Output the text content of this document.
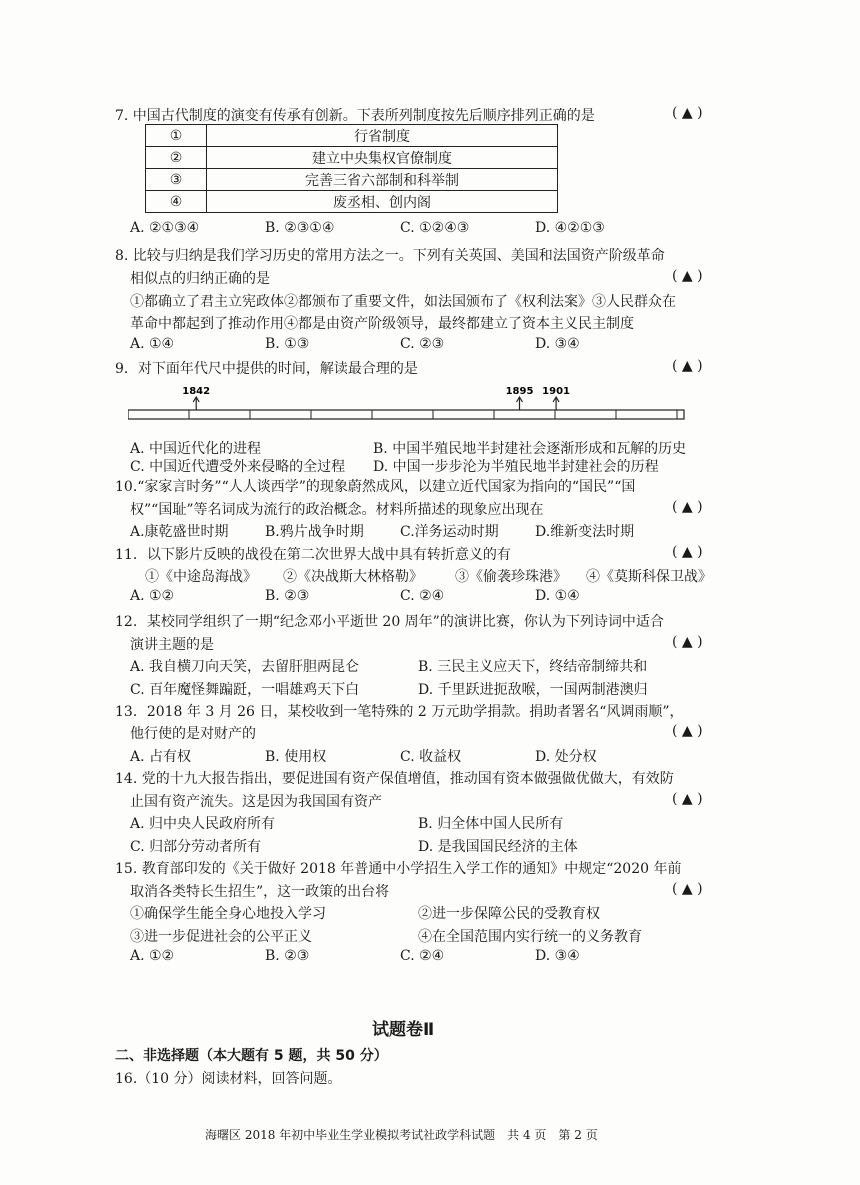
7. 中国古代制度的演变有传承有创新。下表所列制度按先后顺序排列正确的是	( ▲ )
①	行省制度
②	建立中央集权官僚制度
③	完善三省六部制和科举制
④	废丞相、创内阁
A. ②①③④	B. ②③①④	C. ①②④③	D. ④②①③
8. 比较与归纳是我们学习历史的常用方法之一。下列有关英国、美国和法国资产阶级革命
相似点的归纳正确的是	( ▲ )
①都确立了君主立宪政体②都颁布了重要文件，如法国颁布了《权利法案》③人民群众在
革命中都起到了推动作用④都是由资产阶级领导，最终都建立了资本主义民主制度
A. ①④	B. ①③	C. ②③	D. ③④
9．对下面年代尺中提供的时间，解读最合理的是	( ▲ )
1842	1895 1901
A. 中国近代化的进程	B. 中国半殖民地半封建社会逐渐形成和瓦解的历史
C. 中国近代遭受外来侵略的全过程 D. 中国一步步沦为半殖民地半封建社会的历程
10.“家家言时务”“人人谈西学”的现象蔚然成风，以建立近代国家为指向的“国民”“国
权”“国耻”等名词成为流行的政治概念。材料所描述的现象应出现在	( ▲ )
A.康乾盛世时期	B.鸦片战争时期	C.洋务运动时期	D.维新变法时期
11．以下影片反映的战役在第二次世界大战中具有转折意义的有	( ▲ )
①《中途岛海战》 ②《决战斯大林格勒》 ③《偷袭珍珠港》 ④《莫斯科保卫战》
A. ①②	B. ②③	C. ②④	D. ①④
12．某校同学组织了一期“纪念邓小平逝世 20 周年”的演讲比赛，你认为下列诗词中适合
演讲主题的是	( ▲ )
A. 我自横刀向天笑，去留肝胆两昆仑	B. 三民主义应天下，终结帝制缔共和
C. 百年魔怪舞蹁跹，一唱雄鸡天下白	D. 千里跃进扼敌喉，一国两制港澳归
13．2018 年 3 月 26 日，某校收到一笔特殊的 2 万元助学捐款。捐助者署名“风调雨顺”，
他行使的是对财产的	( ▲ )
A. 占有权	B. 使用权	C. 收益权	D. 处分权
14. 党的十九大报告指出，要促进国有资产保值增值，推动国有资本做强做优做大，有效防
止国有资产流失。这是因为我国国有资产	( ▲ )
A. 归中央人民政府所有	B. 归全体中国人民所有
C. 归部分劳动者所有	D. 是我国国民经济的主体
15. 教育部印发的《关于做好 2018 年普通中小学招生入学工作的通知》中规定“2020 年前
取消各类特长生招生”，这一政策的出台将	( ▲ )
①确保学生能全身心地投入学习	②进一步保障公民的受教育权
③进一步促进社会的公平正义	④在全国范围内实行统一的义务教育
A. ①②	B. ②③	C. ②④	D. ③④
试题卷Ⅱ
二、非选择题（本大题有 5 题，共 50 分）
16.（10 分）阅读材料，回答问题。
海曙区 2018 年初中毕业生学业模拟考试社政学科试题　共 4 页　第 2 页
